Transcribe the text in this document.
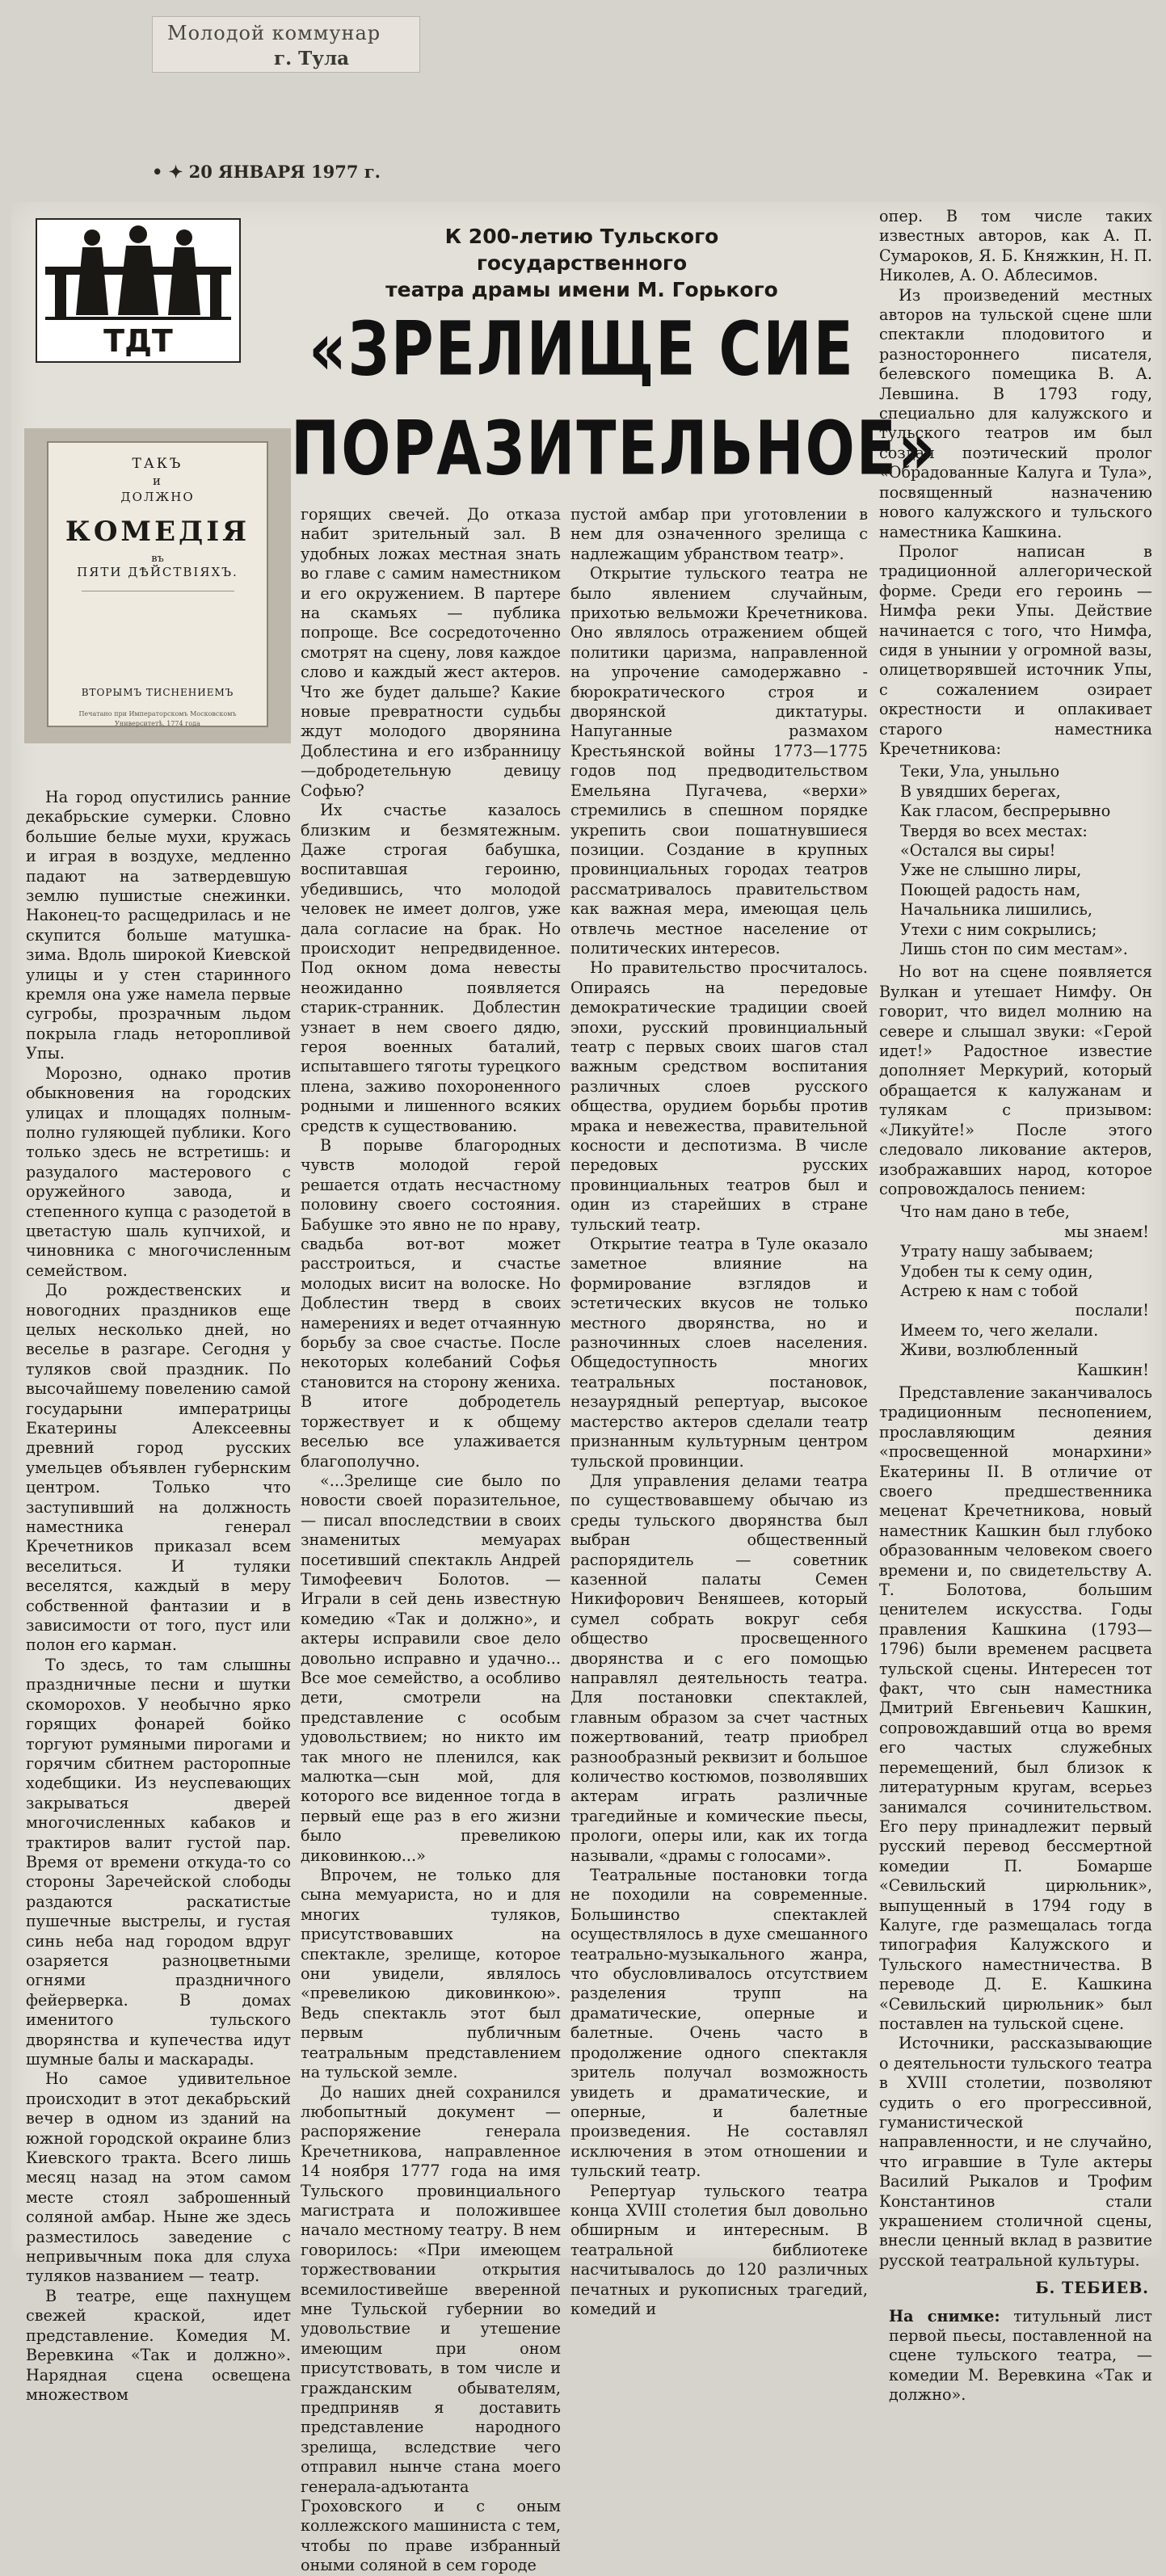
Молодой коммунар
г. Тула
• ✦ 20 ЯНВАРЯ 1977 г.
ТДТ
К 200-летию Тульского государственного
театра драмы имени М. Горького
«ЗРЕЛИЩЕ СИЕ
ПОРАЗИТЕЛЬНОЕ»
ТАКЪ
и
ДОЛЖНО
КОМЕДІЯ
въ
ПЯТИ ДѢЙСТВІЯХЪ.
ВТОРЫМЪ ТИСНЕНИЕМЪ
Печатано при Императорскомъ Московскомъ Университетѣ, 1774 года

На город опустились ранние декабрьские сумерки. Словно большие белые мухи, кружась и играя в воздухе, медленно падают на затвердевшую землю пушистые снежинки. Наконец-то расщедрилась и не скупится больше матушка-зима. Вдоль широкой Киевской улицы и у стен старинного кремля она уже намела первые сугробы, прозрачным льдом покрыла гладь неторопливой Упы.

Морозно, однако против обыкновения на городских улицах и площадях полным-полно гуляющей публики. Кого только здесь не встретишь: и разудалого мастерового с оружейного завода, и степенного купца с разодетой в цветастую шаль купчихой, и чиновника с многочисленным семейством.

До рождественских и новогодних праздников еще целых несколько дней, но веселье в разгаре. Сегодня у туляков свой праздник. По высочайшему повелению самой государыни императрицы Екатерины Алексеевны древний город русских умельцев объявлен губернским центром. Только что заступивший на должность наместника генерал Кречетников приказал всем веселиться. И туляки веселятся, каждый в меру собственной фантазии и в зависимости от того, пуст или полон его карман.

То здесь, то там слышны праздничные песни и шутки скоморохов. У необычно ярко горящих фонарей бойко торгуют румяными пирогами и горячим сбитнем расторопные ходебщики. Из неуспевающих закрываться дверей многочисленных кабаков и трактиров валит густой пар. Время от времени откуда-то со стороны Заречейской слободы раздаются раскатистые пушечные выстрелы, и густая синь неба над городом вдруг озаряется разноцветными огнями праздничного фейерверка. В домах именитого тульского дворянства и купечества идут шумные балы и маскарады.

Но самое удивительное происходит в этот декабрьский вечер в одном из зданий на южной городской окраине близ Киевского тракта. Всего лишь месяц назад на этом самом месте стоял заброшенный соляной амбар. Ныне же здесь разместилось заведение с непривычным пока для слуха туляков названием — театр.

В театре, еще пахнущем свежей краской, идет представление. Комедия М. Веревкина «Так и должно». Нарядная сцена освещена множеством

горящих свечей. До отказа набит зрительный зал. В удобных ложах местная знать во главе с самим наместником и его окружением. В партере на скамьях — публика попроще. Все сосредоточенно смотрят на сцену, ловя каждое слово и каждый жест актеров. Что же будет дальше? Какие новые превратности судьбы ждут молодого дворянина Доблестина и его избранницу—добродетельную девицу Софью?

Их счастье казалось близким и безмятежным. Даже строгая бабушка, воспитавшая героиню, убедившись, что молодой человек не имеет долгов, уже дала согласие на брак. Но происходит непредвиденное. Под окном дома невесты неожиданно появляется старик-странник. Доблестин узнает в нем своего дядю, героя военных баталий, испытавшего тяготы турецкого плена, заживо похороненного родными и лишенного всяких средств к существованию.

В порыве благородных чувств молодой герой решается отдать несчастному половину своего состояния. Бабушке это явно не по нраву, свадьба вот-вот может расстроиться, и счастье молодых висит на волоске. Но Доблестин тверд в своих намерениях и ведет отчаянную борьбу за свое счастье. После некоторых колебаний Софья становится на сторону жениха. В итоге добродетель торжествует и к общему веселью все улаживается благополучно.

«...Зрелище сие было по новости своей поразительное,— писал впоследствии в своих знаменитых мемуарах посетивший спектакль Андрей Тимофеевич Болотов. — Играли в сей день известную комедию «Так и должно», и актеры исправили свое дело довольно исправно и удачно... Все мое семейство, а особливо дети, смотрели на представление с особым удовольствием; но никто им так много не пленился, как малютка—сын мой, для которого все виденное тогда в первый еще раз в его жизни было превеликою диковинкою...»

Впрочем, не только для сына мемуариста, но и для многих туляков, присутствовавших на спектакле, зрелище, которое они увидели, являлось «превеликою диковинкою». Ведь спектакль этот был первым публичным театральным представлением на тульской земле.

До наших дней сохранился любопытный документ — распоряжение генерала Кречетникова, направленное 14 ноября 1777 года на имя Тульского провинциального магистрата и положившее начало местному театру. В нем говорилось: «При имеющем торжествовании открытия всемилостивейше вверенной мне Тульской губернии во удовольствие и утешение имеющим при оном присутствовать, в том числе и гражданским обывателям, предприняв я доставить представление народного зрелища, вследствие чего отправил нынче стана моего генерала-адъютанта Гроховского и с оным коллежского машиниста с тем, чтобы по праве избранный оными соляной в сем городе

пустой амбар при уготовлении в нем для означенного зрелища с надлежащим убранством театр».

Открытие тульского театра не было явлением случайным, прихотью вельможи Кречетникова. Оно являлось отражением общей политики царизма, направленной на упрочение самодержавно - бюрократического строя и дворянской диктатуры. Напуганные размахом Крестьянской войны 1773—1775 годов под предводительством Емельяна Пугачева, «верхи» стремились в спешном порядке укрепить свои пошатнувшиеся позиции. Создание в крупных провинциальных городах театров рассматривалось правительством как важная мера, имеющая цель отвлечь местное население от политических интересов.

Но правительство просчиталось. Опираясь на передовые демократические традиции своей эпохи, русский провинциальный театр с первых своих шагов стал важным средством воспитания различных слоев русского общества, орудием борьбы против мрака и невежества, правительной косности и деспотизма. В числе передовых русских провинциальных театров был и один из старейших в стране тульский театр.

Открытие театра в Туле оказало заметное влияние на формирование взглядов и эстетических вкусов не только местного дворянства, но и разночинных слоев населения. Общедоступность многих театральных постановок, незаурядный репертуар, высокое мастерство актеров сделали театр признанным культурным центром тульской провинции.

Для управления делами театра по существовавшему обычаю из среды тульского дворянства был выбран общественный распорядитель — советник казенной палаты Семен Никифорович Веняшеев, который сумел собрать вокруг себя общество просвещенного дворянства и с его помощью направлял деятельность театра. Для постановки спектаклей, главным образом за счет частных пожертвований, театр приобрел разнообразный реквизит и большое количество костюмов, позволявших актерам играть различные трагедийные и комические пьесы, прологи, оперы или, как их тогда называли, «драмы с голосами».

Театральные постановки тогда не походили на современные. Большинство спектаклей осуществлялось в духе смешанного театрально-музыкального жанра, что обусловливалось отсутствием разделения трупп на драматические, оперные и балетные. Очень часто в продолжение одного спектакля зритель получал возможность увидеть и драматические, и оперные, и балетные произведения. Не составлял исключения в этом отношении и тульский театр.

Репертуар тульского театра конца XVIII столетия был довольно обширным и интересным. В театральной библиотеке насчитывалось до 120 различных печатных и рукописных трагедий, комедий и

опер. В том числе таких известных авторов, как А. П. Сумароков, Я. Б. Княжкин, Н. П. Николев, А. О. Аблесимов.

Из произведений местных авторов на тульской сцене шли спектакли плодовитого и разностороннего писателя, белевского помещика В. А. Левшина. В 1793 году, специально для калужского и тульского театров им был создан поэтический пролог «Обрадованные Калуга и Тула», посвященный назначению нового калужского и тульского наместника Кашкина.

Пролог написан в традиционной аллегорической форме. Среди его героинь — Нимфа реки Упы. Действие начинается с того, что Нимфа, сидя в унынии у огромной вазы, олицетворявшей источник Упы, с сожалением озирает окрестности и оплакивает старого наместника Кречетникова:

Теки, Ула, уныльно
В увядших берегах,
Как гласом, беспрерывно
Твердя во всех местах:
«Остался вы сиры!
Уже не слышно лиры,
Поющей радость нам,
Начальника лишились,
Утехи с ним сокрылись;
Лишь стон по сим местам».

Но вот на сцене появляется Вулкан и утешает Нимфу. Он говорит, что видел молнию на севере и слышал звуки: «Герой идет!» Радостное известие дополняет Меркурий, который обращается к калужанам и тулякам с призывом: «Ликуйте!» После этого следовало ликование актеров, изображавших народ, которое сопровождалось пением:

Что нам дано в тебе,
мы знаем!
Утрату нашу забываем;
Удобен ты к сему один,
Астрею к нам с тобой
послали!
Имеем то, чего желали.
Живи, возлюбленный
Кашкин!

Представление заканчивалось традиционным песнопением, прославляющим деяния «просвещенной монархини» Екатерины II. В отличие от своего предшественника меценат Кречетникова, новый наместник Кашкин был глубоко образованным человеком своего времени и, по свидетельству А. Т. Болотова, большим ценителем искусства. Годы правления Кашкина (1793—1796) были временем расцвета тульской сцены. Интересен тот факт, что сын наместника Дмитрий Евгеньевич Кашкин, сопровождавший отца во время его частых служебных перемещений, был близок к литературным кругам, всерьез занимался сочинительством. Его перу принадлежит первый русский перевод бессмертной комедии П. Бомарше «Севильский цирюльник», выпущенный в 1794 году в Калуге, где размещалась тогда типография Калужского и Тульского наместничества. В переводе Д. Е. Кашкина «Севильский цирюльник» был поставлен на тульской сцене.

Источники, рассказывающие о деятельности тульского театра в XVIII столетии, позволяют судить о его прогрессивной, гуманистической направленности, и не случайно, что игравшие в Туле актеры Василий Рыкалов и Трофим Константинов стали украшением столичной сцены, внесли ценный вклад в развитие русской театральной культуры.

Б. ТЕБИЕВ.

На снимке: титульный лист первой пьесы, поставленной на сцене тульского театра, — комедии М. Веревкина «Так и должно».
